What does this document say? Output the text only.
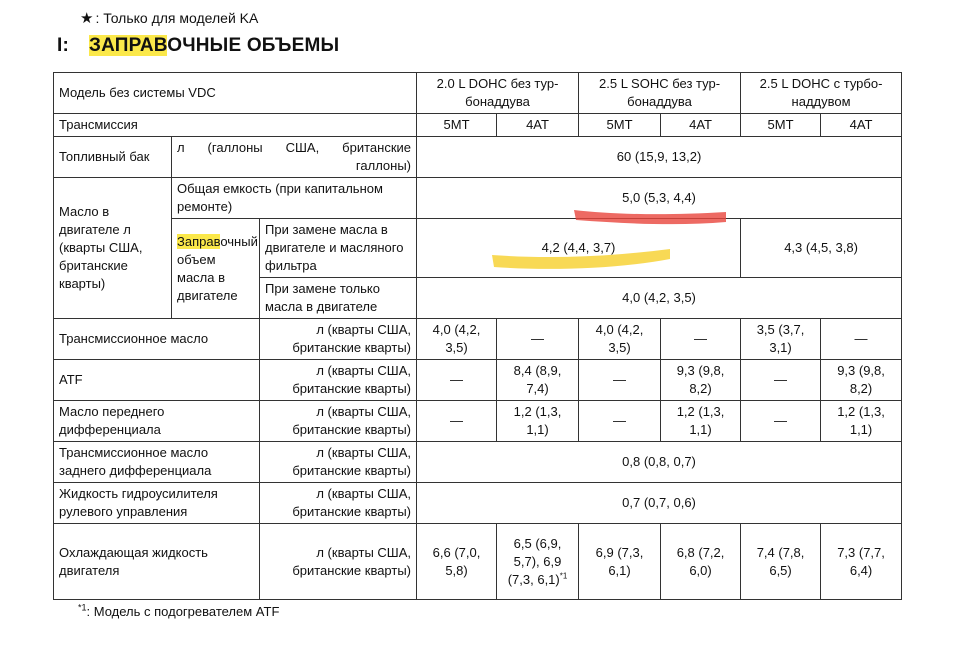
★ : Только для моделей KA
I: ЗАПРАВОЧНЫЕ ОБЪЕМЫ
Модель без системы VDC			2.0 L DOHC без тур-бонаддува		2.5 L SOHC без тур-бонаддува		2.5 L DOHC с турбо-наддувом	
Трансмиссия			5MT	4AT	5MT	4AT	5MT	4AT
Топливный бак	л (галлоны США, британские галлоны)		60 (15,9, 13,2)					
Масло в двигателе л (кварты США, британские кварты)	Общая емкость (при капитальном ремонте)		5,0 (5,3, 4,4)					
	Заправочный объем масла в двигателе	При замене масла в двигателе и масляного фильтра	4,2 (4,4, 3,7)				4,3 (4,5, 3,8)	
		При замене только масла в двигателе	4,0 (4,2, 3,5)					
Трансмиссионное масло		л (кварты США, британские кварты)	4,0 (4,2, 3,5)	—	4,0 (4,2, 3,5)	—	3,5 (3,7, 3,1)	—
ATF		л (кварты США, британские кварты)	—	8,4 (8,9, 7,4)	—	9,3 (9,8, 8,2)	—	9,3 (9,8, 8,2)
Масло переднего дифференциала		л (кварты США, британские кварты)	—	1,2 (1,3, 1,1)	—	1,2 (1,3, 1,1)	—	1,2 (1,3, 1,1)
Трансмиссионное масло заднего дифференциала		л (кварты США, британские кварты)	0,8 (0,8, 0,7)					
Жидкость гидроусилителя рулевого управления		л (кварты США, британские кварты)	0,7 (0,7, 0,6)					
Охлаждающая жидкость двигателя		л (кварты США, британские кварты)	6,6 (7,0, 5,8)	6,5 (6,9, 5,7), 6,9 (7,3, 6,1)$^{*1}$	6,9 (7,3, 6,1)	6,8 (7,2, 6,0)	7,4 (7,8, 6,5)	7,3 (7,7, 6,4)
$^{*1}$: Модель с подогревателем ATF
